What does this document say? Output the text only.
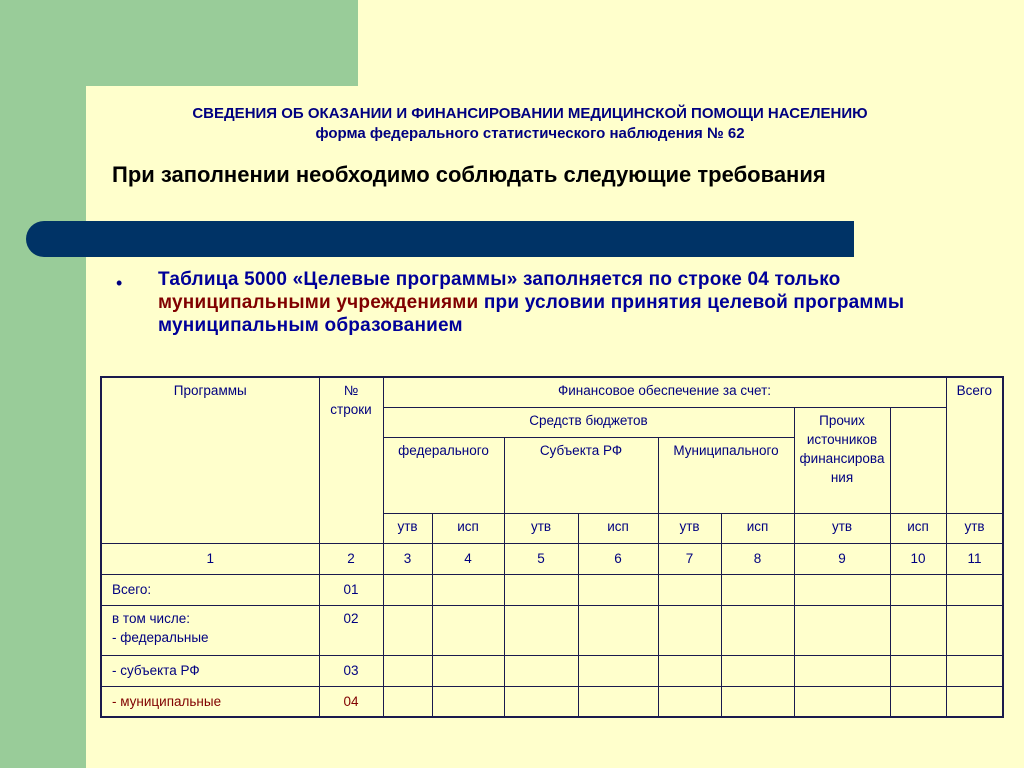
СВЕДЕНИЯ ОБ ОКАЗАНИИ И ФИНАНСИРОВАНИИ МЕДИЦИНСКОЙ ПОМОЩИ НАСЕЛЕНИЮ
форма федерального статистического наблюдения № 62
При заполнении необходимо соблюдать следующие требования
• Таблица 5000 «Целевые программы» заполняется по строке 04 только муниципальными учреждениями при условии принятия целевой программы муниципальным образованием
Программы	№ строки	Финансовое обеспечение за счет:								Всего
		Средств бюджетов						Прочих источников финансирования		
		федерального		Субъекта РФ		Муниципального				

		утв	исп	утв	исп	утв	исп	утв	исп	утв
1	2	3	4	5	6	7	8	9	10	11
Всего:	01									

в том числе:
- федеральные	02									
- субъекта РФ	03									
- муниципальные	04									
